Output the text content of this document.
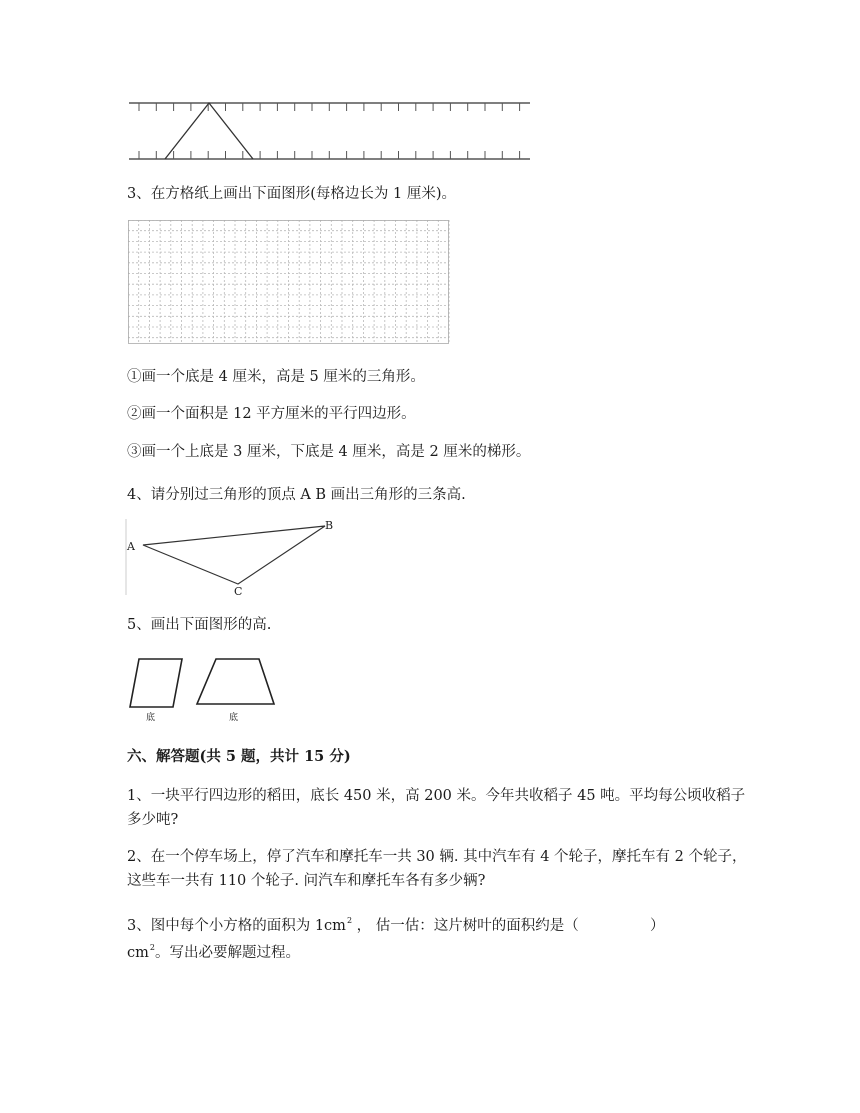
3、在方格纸上画出下面图形(每格边长为 1 厘米)。
①画一个底是 4 厘米，高是 5 厘米的三角形。
②画一个面积是 12 平方厘米的平行四边形。
③画一个上底是 3 厘米，下底是 4 厘米，高是 2 厘米的梯形。
4、请分别过三角形的顶点 A B 画出三角形的三条高.
A
B
C
5、画出下面图形的高.
底	底
六、解答题(共 5 题，共计 15 分)
1、一块平行四边形的稻田，底长 450 米，高 200 米。今年共收稻子 45 吨。平均每公顷收稻子多少吨?
2、在一个停车场上，停了汽车和摩托车一共 30 辆. 其中汽车有 4 个轮子，摩托车有 2 个轮子，这些车一共有 110 个轮子. 问汽车和摩托车各有多少辆?
3、图中每个小方格的面积为 $1cm^2$ ， 估一估：这片树叶的面积约是（	）
$cm^2$。写出必要解题过程。
